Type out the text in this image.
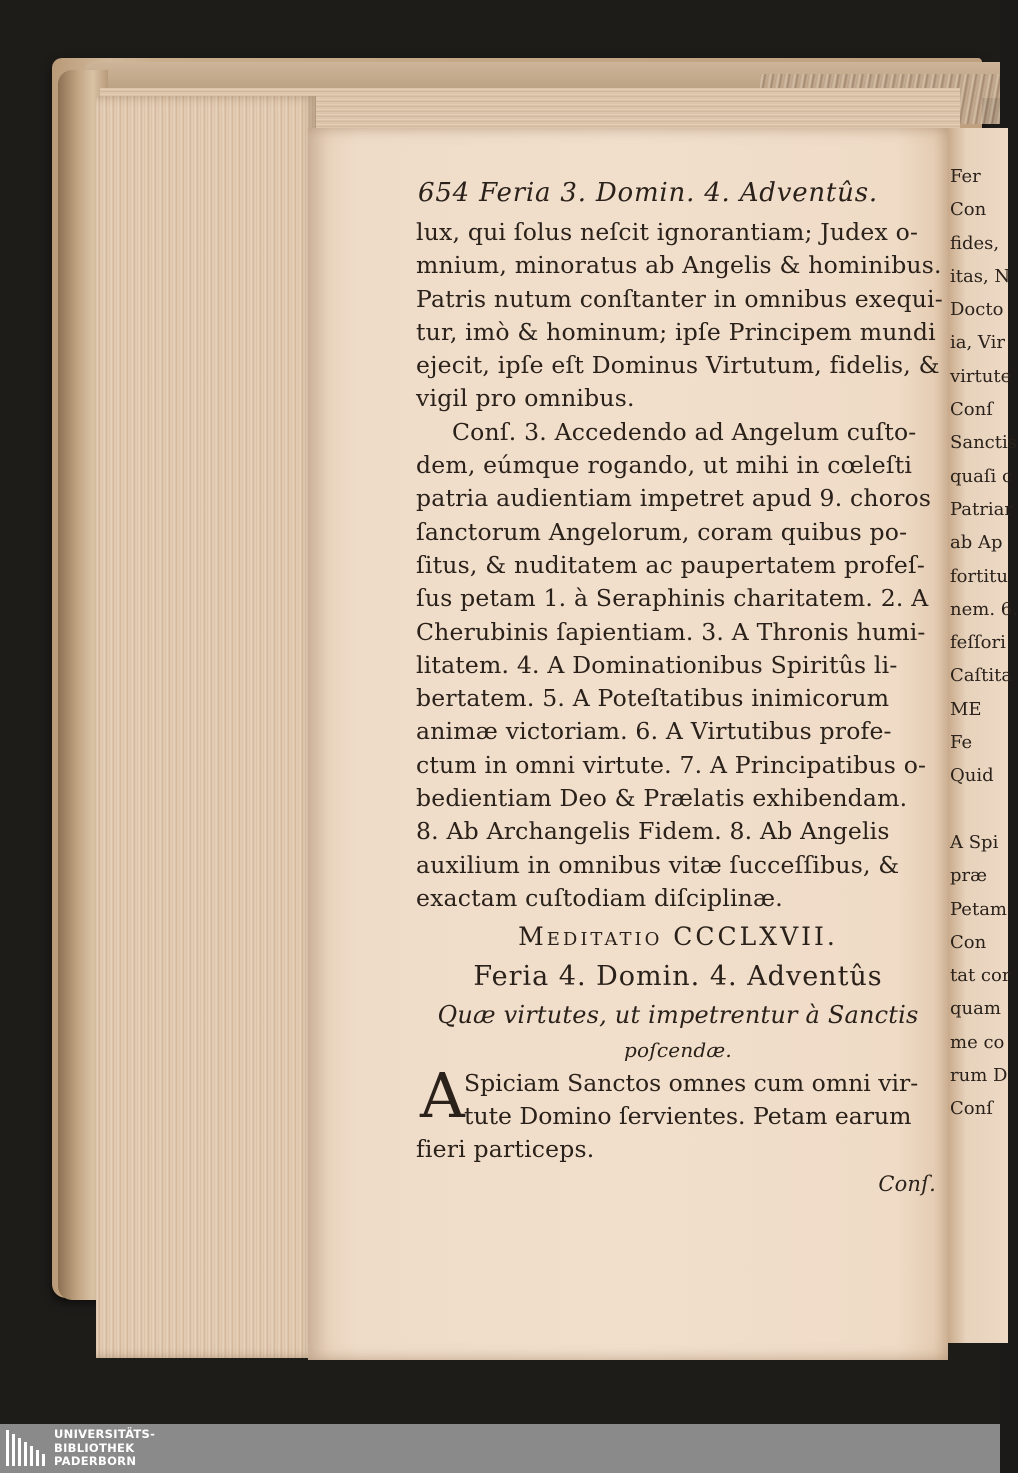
654 Feria 3. Domin. 4. Adventûs.
lux, qui ſolus neſcit ignorantiam; Judex o-
mnium, minoratus ab Angelis & hominibus.
Patris nutum conſtanter in omnibus exequi-
tur, imò & hominum; ipſe Principem mundi
ejecit, ipſe eſt Dominus Virtutum, fidelis, &
vigil pro omnibus.
Conſ. 3. Accedendo ad Angelum cuſto-
dem, eúmque rogando, ut mihi in cœleſti
patria audientiam impetret apud 9. choros
ſanctorum Angelorum, coram quibus po-
ſitus, & nuditatem ac paupertatem profeſ-
ſus petam 1. à Seraphinis charitatem. 2. A
Cherubinis ſapientiam. 3. A Thronis humi-
litatem. 4. A Dominationibus Spiritûs li-
bertatem. 5. A Poteſtatibus inimicorum
animæ victoriam. 6. A Virtutibus profe-
ctum in omni virtute. 7. A Principatibus o-
bedientiam Deo & Prælatis exhibendam.
8. Ab Archangelis Fidem. 8. Ab Angelis
auxilium in omnibus vitæ ſucceſſibus, &
exactam cuſtodiam diſciplinæ.
Meditatio CCCLXVII.
Feria 4. Domin. 4. Adventûs
Quæ virtutes, ut impetrentur à Sanctis
poſcendæ.
A Spiciam Sanctos omnes cum omni vir-
tute Domino ſervientes. Petam earum
fieri particeps.
Conſ.
Fer
Con
fides,
itas, N
Docto
ia, Vir
virtute
Conſ
Sanctis
quaſi c
Patriar
ab Ap
fortitu
nem. 6.
feſſori
Caſtita
ME
Fe
Quid
A Spi
præ
Petam
Con
tat cor
quam
me co
rum D
Conſ
UNIVERSITÄTS-
BIBLIOTHEK
PADERBORN
